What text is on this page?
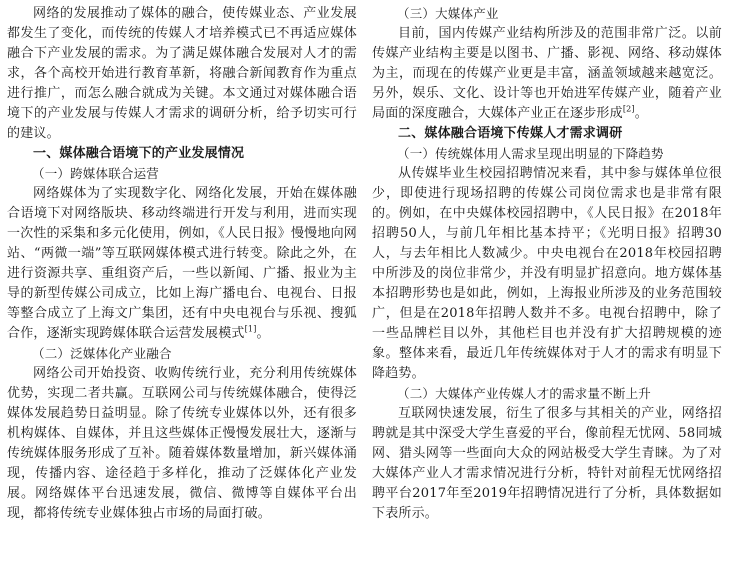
网络的发展推动了媒体的融合，使传媒业态、产业发展都发生了变化，而传统的传媒人才培养模式已不再适应媒体融合下产业发展的需求。为了满足媒体融合发展对人才的需求，各个高校开始进行教育革新，将融合新闻教育作为重点进行推广，而怎么融合就成为关键。本文通过对媒体融合语境下的产业发展与传媒人才需求的调研分析，给予切实可行的建议。

一、媒体融合语境下的产业发展情况

（一）跨媒体联合运营

网络媒体为了实现数字化、网络化发展，开始在媒体融合语境下对网络版块、移动终端进行开发与利用，进而实现一次性的采集和多元化使用，例如，《人民日报》慢慢地向网站、“两微一端”等互联网媒体模式进行转变。除此之外，在进行资源共享、重组资产后，一些以新闻、广播、报业为主导的新型传媒公司成立，比如上海广播电台、电视台、日报等整合成立了上海文广集团，还有中央电视台与乐视、搜狐合作，逐渐实现跨媒体联合运营发展模式[1]。

（二）泛媒体化产业融合

网络公司开始投资、收购传统行业，充分利用传统媒体优势，实现二者共赢。互联网公司与传统媒体融合，使得泛媒体发展趋势日益明显。除了传统专业媒体以外，还有很多机构媒体、自媒体，并且这些媒体正慢慢发展壮大，逐渐与传统媒体服务形成了互补。随着媒体数量增加，新兴媒体涌现，传播内容、途径趋于多样化，推动了泛媒体化产业发展。网络媒体平台迅速发展，微信、微博等自媒体平台出现，都将传统专业媒体独占市场的局面打破。

（三）大媒体产业

目前，国内传媒产业结构所涉及的范围非常广泛。以前传媒产业结构主要是以图书、广播、影视、网络、移动媒体为主，而现在的传媒产业更是丰富，涵盖领域越来越宽泛。另外，娱乐、文化、设计等也开始进军传媒产业，随着产业局面的深度融合，大媒体产业正在逐步形成[2]。

二、媒体融合语境下传媒人才需求调研

（一）传统媒体用人需求呈现出明显的下降趋势

从传媒毕业生校园招聘情况来看，其中参与媒体单位很少，即使进行现场招聘的传媒公司岗位需求也是非常有限的。例如，在中央媒体校园招聘中，《人民日报》在2018年招聘50人，与前几年相比基本持平；《光明日报》招聘30人，与去年相比人数减少。中央电视台在2018年校园招聘中所涉及的岗位非常少，并没有明显扩招意向。地方媒体基本招聘形势也是如此，例如，上海报业所涉及的业务范围较广，但是在2018年招聘人数并不多。电视台招聘中，除了一些品牌栏目以外，其他栏目也并没有扩大招聘规模的迹象。整体来看，最近几年传统媒体对于人才的需求有明显下降趋势。

（二）大媒体产业传媒人才的需求量不断上升

互联网快速发展，衍生了很多与其相关的产业，网络招聘就是其中深受大学生喜爱的平台，像前程无忧网、58同城网、猎头网等一些面向大众的网站极受大学生青睐。为了对大媒体产业人才需求情况进行分析，特针对前程无忧网络招聘平台2017年至2019年招聘情况进行了分析，具体数据如下表所示。
